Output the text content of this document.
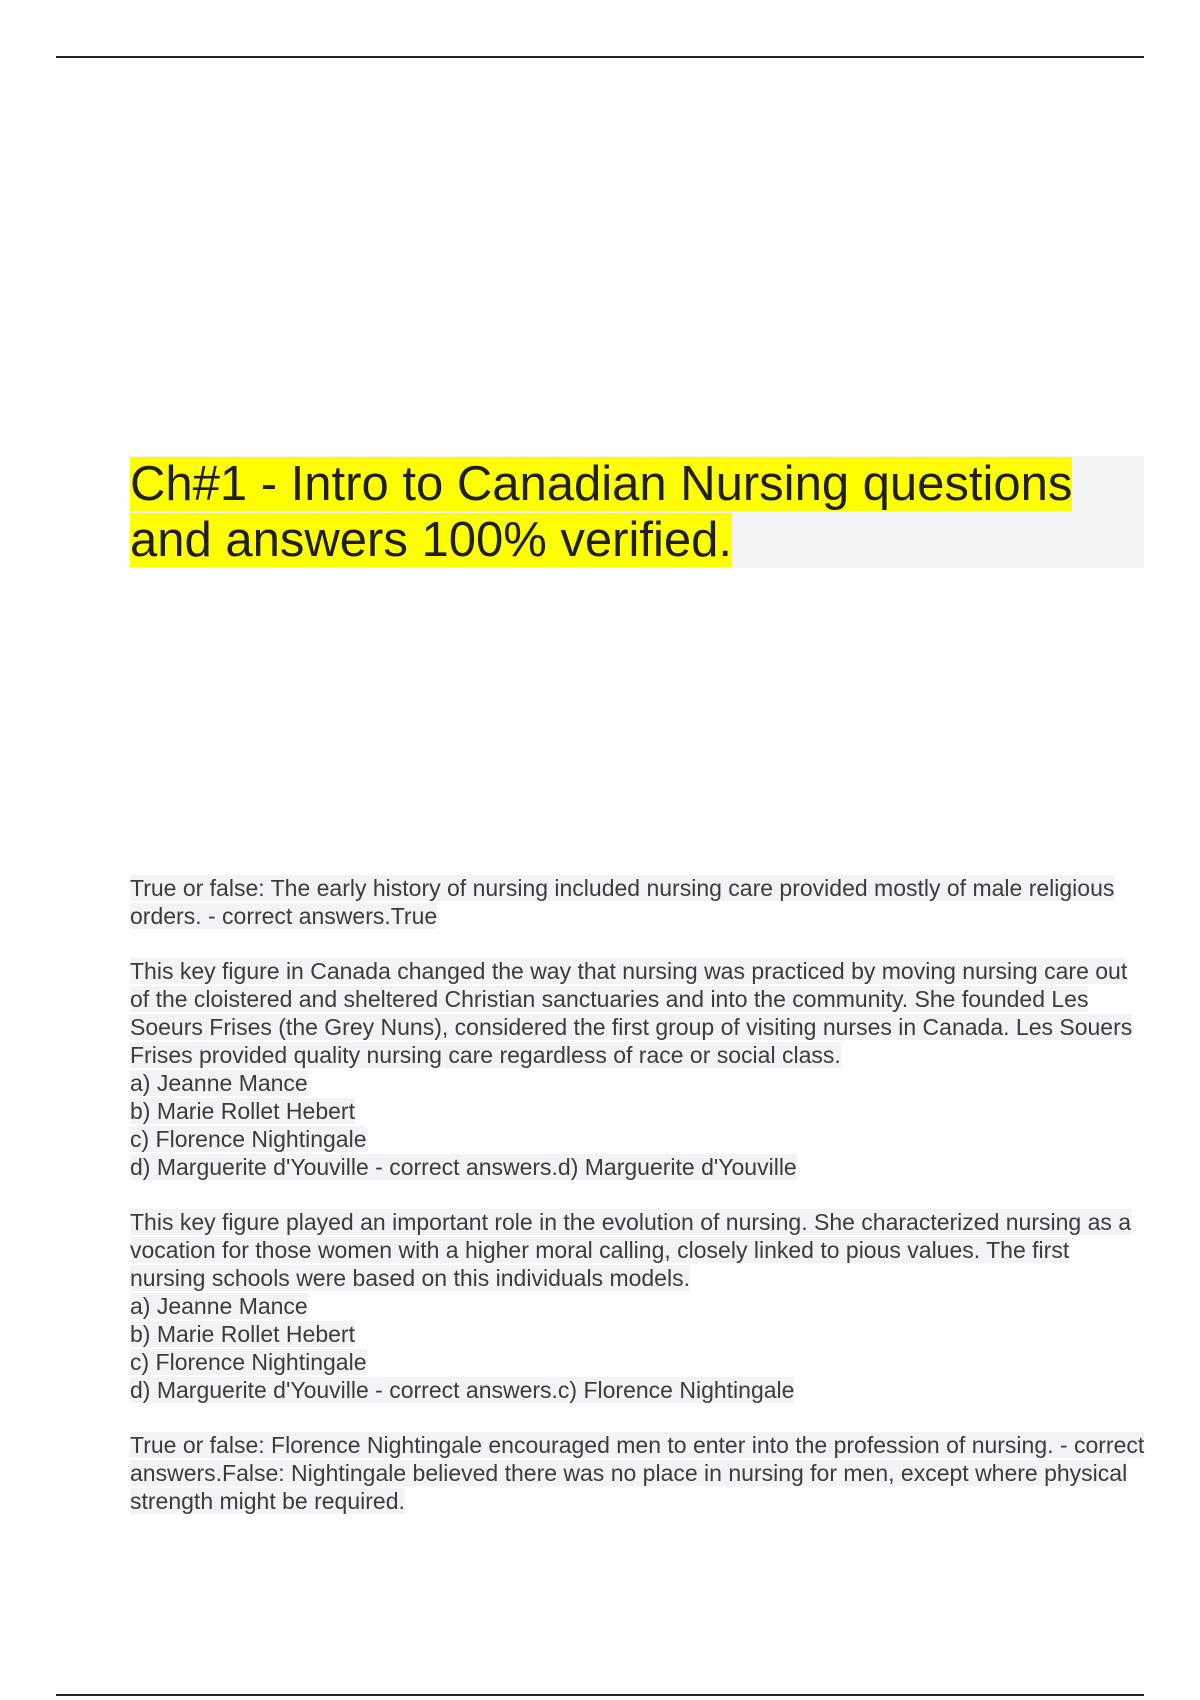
Ch#1 - Intro to Canadian Nursing questions and answers 100% verified.

True or false: The early history of nursing included nursing care provided mostly of male religious orders. - correct answers.True

This key figure in Canada changed the way that nursing was practiced by moving nursing care out of the cloistered and sheltered Christian sanctuaries and into the community. She founded Les Soeurs Frises (the Grey Nuns), considered the first group of visiting nurses in Canada. Les Souers Frises provided quality nursing care regardless of race or social class.

a) Jeanne Mance

b) Marie Rollet Hebert

c) Florence Nightingale

d) Marguerite d'Youville - correct answers.d) Marguerite d'Youville

This key figure played an important role in the evolution of nursing. She characterized nursing as a vocation for those women with a higher moral calling, closely linked to pious values. The first nursing schools were based on this individuals models.

a) Jeanne Mance

b) Marie Rollet Hebert

c) Florence Nightingale

d) Marguerite d'Youville - correct answers.c) Florence Nightingale

True or false: Florence Nightingale encouraged men to enter into the profession of nursing. - correct answers.False: Nightingale believed there was no place in nursing for men, except where physical strength might be required.
